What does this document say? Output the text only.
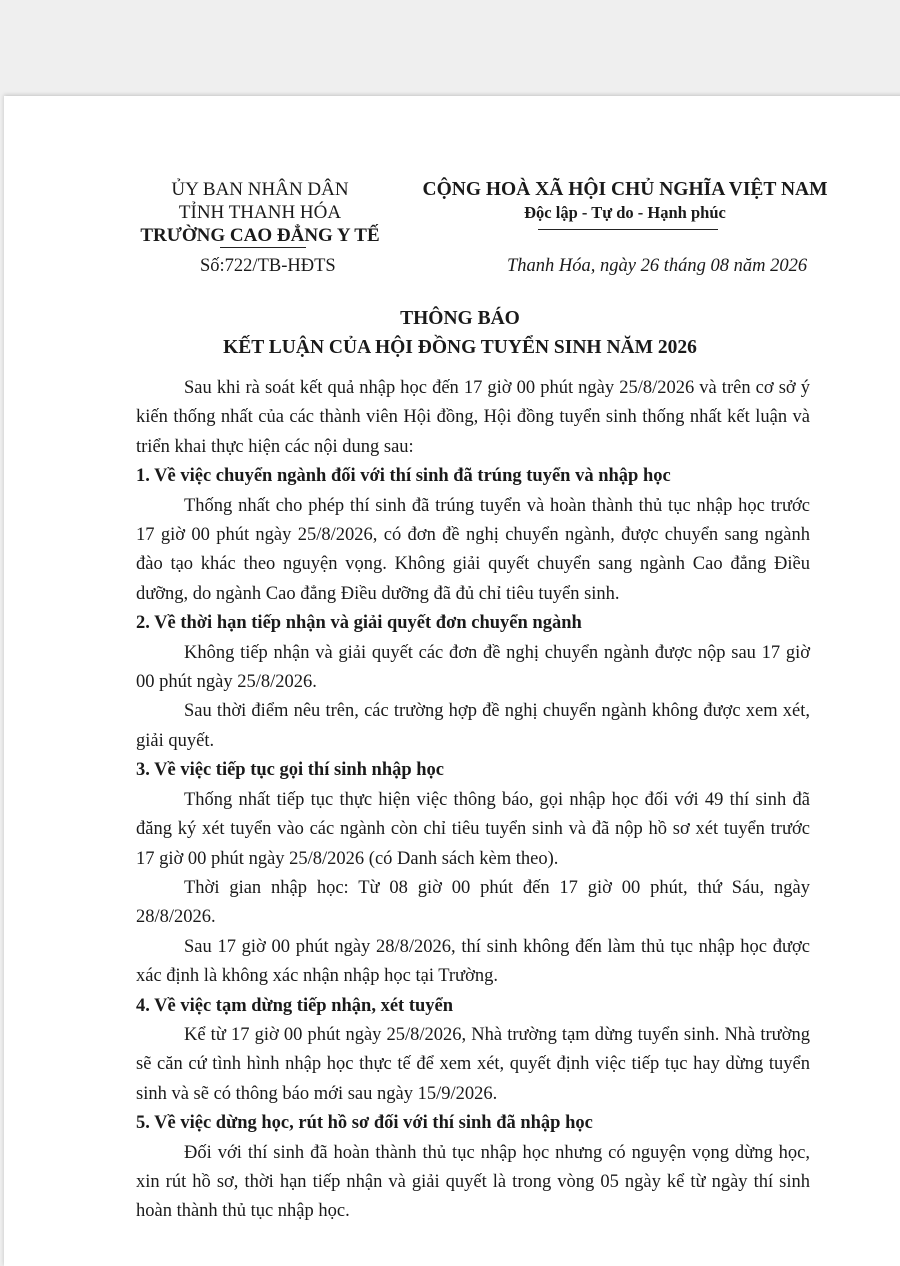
ỦY BAN NHÂN DÂN
TỈNH THANH HÓA
TRƯỜNG CAO ĐẲNG Y TẾ
CỘNG HOÀ XÃ HỘI CHỦ NGHĨA VIỆT NAM
Độc lập - Tự do - Hạnh phúc
Số:722/TB-HĐTS	Thanh Hóa, ngày 26 tháng 08 năm 2026
THÔNG BÁO
KẾT LUẬN CỦA HỘI ĐỒNG TUYỂN SINH NĂM 2026

Sau khi rà soát kết quả nhập học đến 17 giờ 00 phút ngày 25/8/2026 và trên cơ sở ý kiến thống nhất của các thành viên Hội đồng, Hội đồng tuyển sinh thống nhất kết luận và triển khai thực hiện các nội dung sau:

1. Về việc chuyển ngành đối với thí sinh đã trúng tuyển và nhập học

Thống nhất cho phép thí sinh đã trúng tuyển và hoàn thành thủ tục nhập học trước 17 giờ 00 phút ngày 25/8/2026, có đơn đề nghị chuyển ngành, được chuyển sang ngành đào tạo khác theo nguyện vọng. Không giải quyết chuyển sang ngành Cao đẳng Điều dưỡng, do ngành Cao đẳng Điều dưỡng đã đủ chỉ tiêu tuyển sinh.

2. Về thời hạn tiếp nhận và giải quyết đơn chuyển ngành

Không tiếp nhận và giải quyết các đơn đề nghị chuyển ngành được nộp sau 17 giờ 00 phút ngày 25/8/2026.

Sau thời điểm nêu trên, các trường hợp đề nghị chuyển ngành không được xem xét, giải quyết.

3. Về việc tiếp tục gọi thí sinh nhập học

Thống nhất tiếp tục thực hiện việc thông báo, gọi nhập học đối với 49 thí sinh đã đăng ký xét tuyển vào các ngành còn chỉ tiêu tuyển sinh và đã nộp hồ sơ xét tuyển trước 17 giờ 00 phút ngày 25/8/2026 (có Danh sách kèm theo).

Thời gian nhập học: Từ 08 giờ 00 phút đến 17 giờ 00 phút, thứ Sáu, ngày 28/8/2026.

Sau 17 giờ 00 phút ngày 28/8/2026, thí sinh không đến làm thủ tục nhập học được xác định là không xác nhận nhập học tại Trường.

4. Về việc tạm dừng tiếp nhận, xét tuyển

Kể từ 17 giờ 00 phút ngày 25/8/2026, Nhà trường tạm dừng tuyển sinh. Nhà trường sẽ căn cứ tình hình nhập học thực tế để xem xét, quyết định việc tiếp tục hay dừng tuyển sinh và sẽ có thông báo mới sau ngày 15/9/2026.

5. Về việc dừng học, rút hồ sơ đối với thí sinh đã nhập học

Đối với thí sinh đã hoàn thành thủ tục nhập học nhưng có nguyện vọng dừng học, xin rút hồ sơ, thời hạn tiếp nhận và giải quyết là trong vòng 05 ngày kể từ ngày thí sinh hoàn thành thủ tục nhập học.
